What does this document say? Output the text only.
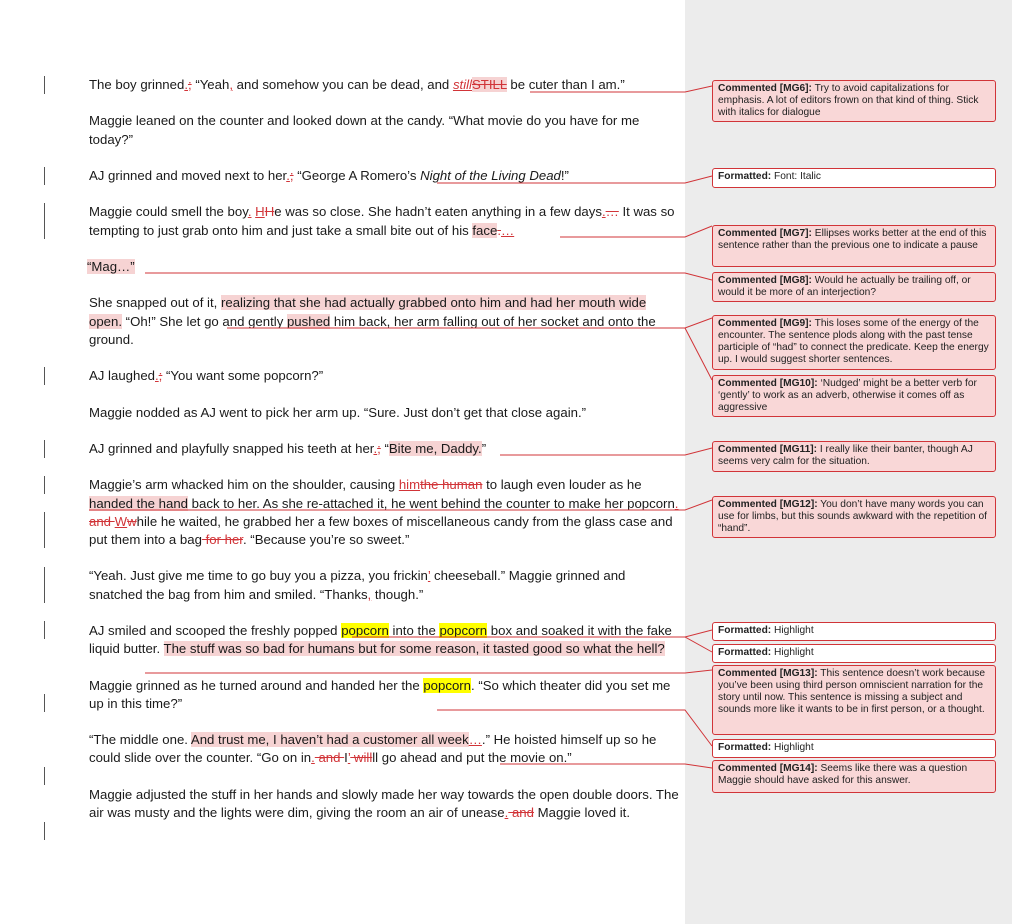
The boy grinned.; “Yeah, and somehow you can be dead, and stillSTILL be cuter than I am.”

Maggie leaned on the counter and looked down at the candy. “What movie do you have for me today?”

AJ grinned and moved next to her.; “George A Romero’s Night of the Living Dead!”

Maggie could smell the boy. HHe was so close. She hadn’t eaten anything in a few days.… It was so tempting to just grab onto him and just take a small bite out of his face.…

“Mag…”

She snapped out of it, realizing that she had actually grabbed onto him and had her mouth wide open. “Oh!” She let go and gently pushed him back, her arm falling out of her socket and onto the ground.

AJ laughed.; “You want some popcorn?”

Maggie nodded as AJ went to pick her arm up. “Sure. Just don’t get that close again.”

AJ grinned and playfully snapped his teeth at her.; “Bite me, Daddy.”

Maggie’s arm whacked him on the shoulder, causing himthe human to laugh even louder as he handed the hand back to her. As she re-attached it, he went behind the counter to make her popcorn. and Wwhile he waited, he grabbed her a few boxes of miscellaneous candy from the glass case and put them into a bag for her. “Because you’re so sweet.”

“Yeah. Just give me time to go buy you a pizza, you frickin’ cheeseball.” Maggie grinned and snatched the bag from him and smiled. “Thanks, though.”

AJ smiled and scooped the freshly popped popcorn into the popcorn box and soaked it with the fake liquid butter. The stuff was so bad for humans but for some reason, it tasted good so what the hell?

Maggie grinned as he turned around and handed her the popcorn. “So which theater did you set me up in this time?”

“The middle one. And trust me, I haven’t had a customer all week….” He hoisted himself up so he could slide over the counter. “Go on in. and I’ willll go ahead and put the movie on.”

Maggie adjusted the stuff in her hands and slowly made her way towards the open double doors. The air was musty and the lights were dim, giving the room an air of unease. and Maggie loved it.

Commented [MG6]: Try to avoid capitalizations for emphasis. A lot of editors frown on that kind of thing. Stick with italics for dialogue
Formatted: Font: Italic
Commented [MG7]: Ellipses works better at the end of this sentence rather than the previous one to indicate a pause
Commented [MG8]: Would he actually be trailing off, or would it be more of an interjection?
Commented [MG9]: This loses some of the energy of the encounter. The sentence plods along with the past tense participle of “had” to connect the predicate. Keep the energy up. I would suggest shorter sentences.
Commented [MG10]: ‘Nudged’ might be a better verb for ‘gently’ to work as an adverb, otherwise it comes off as aggressive
Commented [MG11]: I really like their banter, though AJ seems very calm for the situation.
Commented [MG12]: You don’t have many words you can use for limbs, but this sounds awkward with the repetition of “hand”.
Formatted: Highlight
Formatted: Highlight
Commented [MG13]: This sentence doesn’t work because you’ve been using third person omniscient narration for the story until now. This sentence is missing a subject and sounds more like it wants to be in first person, or a thought.
Formatted: Highlight
Commented [MG14]: Seems like there was a question Maggie should have asked for this answer.
